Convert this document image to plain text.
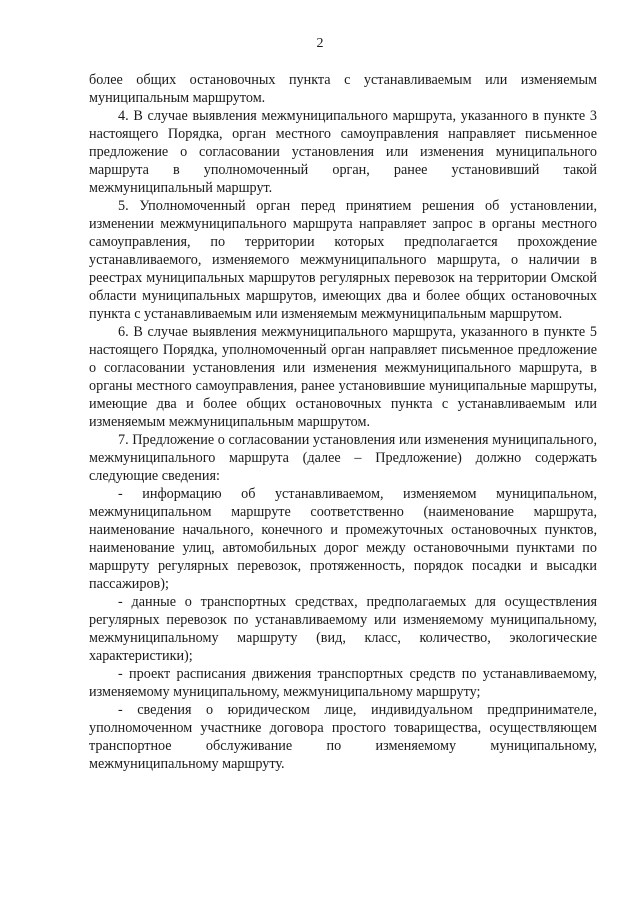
2

более общих остановочных пункта с устанавливаемым или изменяемым муниципальным маршрутом.

4. В случае выявления межмуниципального маршрута, указанного в пункте 3 настоящего Порядка, орган местного самоуправления направляет письменное предложение о согласовании установления или изменения муниципального маршрута в уполномоченный орган, ранее установивший такой межмуниципальный маршрут.

5. Уполномоченный орган перед принятием решения об установлении, изменении межмуниципального маршрута направляет запрос в органы местного самоуправления, по территории которых предполагается прохождение устанавливаемого, изменяемого межмуниципального маршрута, о наличии в реестрах муниципальных маршрутов регулярных перевозок на территории Омской области муниципальных маршрутов, имеющих два и более общих остановочных пункта с устанавливаемым или изменяемым межмуниципальным маршрутом.

6. В случае выявления межмуниципального маршрута, указанного в пункте 5 настоящего Порядка, уполномоченный орган направляет письменное предложение о согласовании установления или изменения межмуниципального маршрута, в органы местного самоуправления, ранее установившие муниципальные маршруты, имеющие два и более общих остановочных пункта с устанавливаемым или изменяемым межмуниципальным маршрутом.

7. Предложение о согласовании установления или изменения муниципального, межмуниципального маршрута (далее – Предложение) должно содержать следующие сведения:

- информацию об устанавливаемом, изменяемом муниципальном, межмуниципальном маршруте соответственно (наименование маршрута, наименование начального, конечного и промежуточных остановочных пунктов, наименование улиц, автомобильных дорог между остановочными пунктами по маршруту регулярных перевозок, протяженность, порядок посадки и высадки пассажиров);

- данные о транспортных средствах, предполагаемых для осуществления регулярных перевозок по устанавливаемому или изменяемому муниципальному, межмуниципальному маршруту (вид, класс, количество, экологические характеристики);

- проект расписания движения транспортных средств по устанавливаемому, изменяемому муниципальному, межмуниципальному маршруту;

- сведения о юридическом лице, индивидуальном предпринимателе, уполномоченном участнике договора простого товарищества, осуществляющем транспортное обслуживание по изменяемому муниципальному, межмуниципальному маршруту.
